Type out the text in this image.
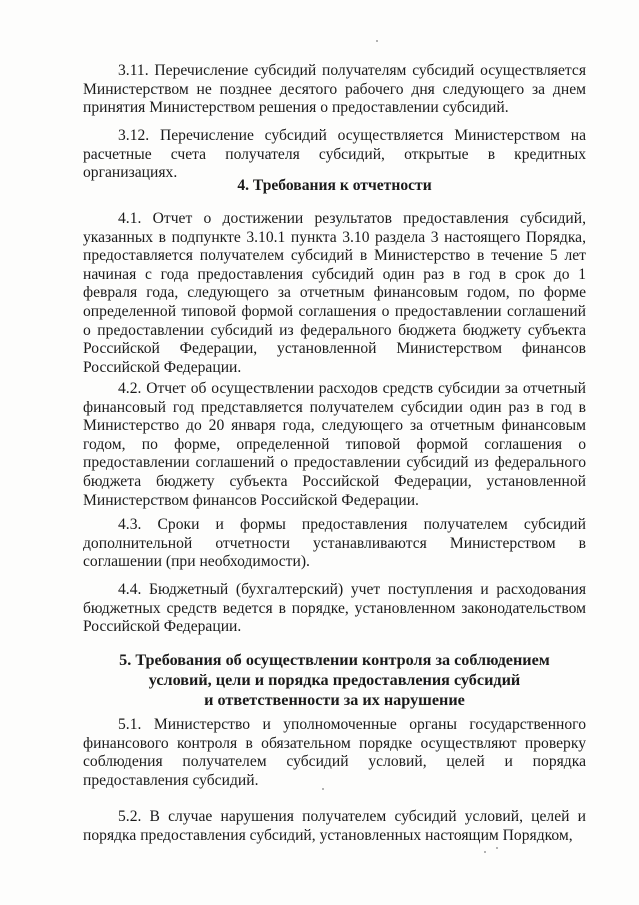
3.11. Перечисление субсидий получателям субсидий осуществляется Министерством не позднее десятого рабочего дня следующего за днем принятия Министерством решения о предоставлении субсидий.

3.12. Перечисление субсидий осуществляется Министерством на расчетные счета получателя субсидий, открытые в кредитных организациях.

4. Требования к отчетности

4.1. Отчет о достижении результатов предоставления субсидий, указанных в подпункте 3.10.1 пункта 3.10 раздела 3 настоящего Порядка, предоставляется получателем субсидий в Министерство в течение 5 лет начиная с года предоставления субсидий один раз в год в срок до 1 февраля года, следующего за отчетным финансовым годом, по форме определенной типовой формой соглашения о предоставлении соглашений о предоставлении субсидий из федерального бюджета бюджету субъекта Российской Федерации, установленной Министерством финансов Российской Федерации.

4.2. Отчет об осуществлении расходов средств субсидии за отчетный финансовый год представляется получателем субсидии один раз в год в Министерство до 20 января года, следующего за отчетным финансовым годом, по форме, определенной типовой формой соглашения о предоставлении соглашений о предоставлении субсидий из федерального бюджета бюджету субъекта Российской Федерации, установленной Министерством финансов Российской Федерации.

4.3. Сроки и формы предоставления получателем субсидий дополнительной отчетности устанавливаются Министерством в соглашении (при необходимости).

4.4. Бюджетный (бухгалтерский) учет поступления и расходования бюджетных средств ведется в порядке, установленном законодательством Российской Федерации.

5. Требования об осуществлении контроля за соблюдением
условий, цели и порядка предоставления субсидий
и ответственности за их нарушение

5.1. Министерство и уполномоченные органы государственного финансового контроля в обязательном порядке осуществляют проверку соблюдения получателем субсидий условий, целей и порядка предоставления субсидий.

5.2. В случае нарушения получателем субсидий условий, целей и порядка предоставления субсидий, установленных настоящим Порядком,
